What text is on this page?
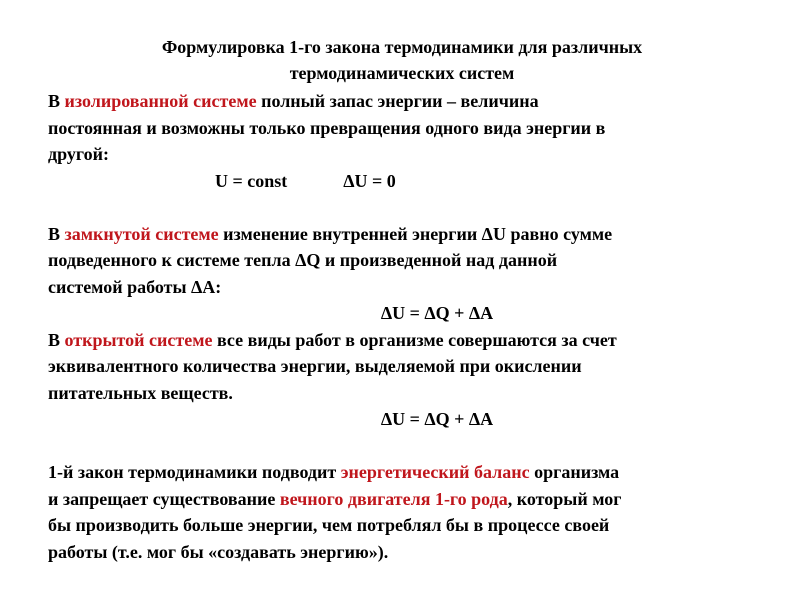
Формулировка 1-го закона термодинамики для различных
термодинамических систем
В изолированной системе полный запас энергии – величина
постоянная и возможны только превращения одного вида энергии в
другой:
U = const	ΔU = 0
В замкнутой системе изменение внутренней энергии ΔU равно сумме
подведенного к системе тепла ΔQ и произведенной над данной
системой работы ΔA:
ΔU = ΔQ + ΔA
В открытой системе все виды работ в организме совершаются за счет
эквивалентного количества энергии, выделяемой при окислении
питательных веществ.
ΔU = ΔQ + ΔA
1-й закон термодинамики подводит энергетический баланс организма
и запрещает существование вечного двигателя 1-го рода, который мог
бы производить больше энергии, чем потреблял бы в процессе своей
работы (т.е. мог бы «создавать энергию»).
